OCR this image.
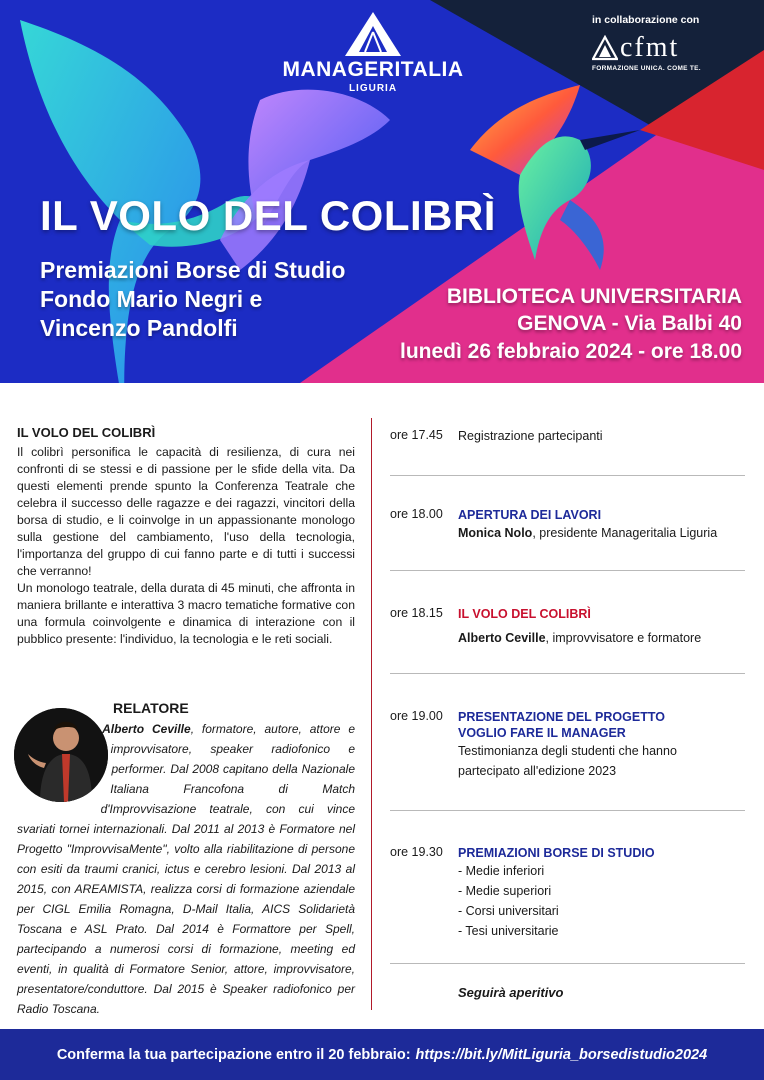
MANAGERITALIA
LIGURIA
in collaborazione con
cfmt
FORMAZIONE UNICA. COME TE.
IL VOLO DEL COLIBRÌ
Premiazioni Borse di Studio
Fondo Mario Negri e
Vincenzo Pandolfi
BIBLIOTECA UNIVERSITARIA
GENOVA - Via Balbi 40
lunedì 26 febbraio 2024 - ore 18.00
IL VOLO DEL COLIBRÌ

Il colibrì personifica le capacità di resilienza, di cura nei confronti di se stessi e di passione per le sfide della vita. Da questi elementi prende spunto la Conferenza Teatrale che celebra il successo delle ragazze e dei ragazzi, vincitori della borsa di studio, e li coinvolge in un appassionante monologo sulla gestione del cambiamento, l'uso della tecnologia, l'importanza del gruppo di cui fanno parte e di tutti i successi che verranno!

Un monologo teatrale, della durata di 45 minuti, che affronta in maniera brillante e interattiva 3 macro tematiche formative con una formula coinvolgente e dinamica di interazione con il pubblico presente: l'individuo, la tecnologia e le reti sociali.

RELATORE

Alberto Ceville, formatore, autore, attore e improvvisatore, speaker radiofonico e performer. Dal 2008 capitano della Nazionale Italiana Francofona di Match d'Improvvisazione teatrale, con cui vince svariati tornei internazionali. Dal 2011 al 2013 è Formatore nel Progetto "ImprovvisaMente", volto alla riabilitazione di persone con esiti da traumi cranici, ictus e cerebro lesioni. Dal 2013 al 2015, con AREAMISTA, realizza corsi di formazione aziendale per CIGL Emilia Romagna, D-Mail Italia, AICS Solidarietà Toscana e ASL Prato. Dal 2014 è Formattore per Spell, partecipando a numerosi corsi di formazione, meeting ed eventi, in qualità di Formatore Senior, attore, improvvisatore, presentatore/conduttore. Dal 2015 è Speaker radiofonico per Radio Toscana.

ore 17.45 Registrazione partecipanti
ore 18.00 APERTURA DEI LAVORI
Monica Nolo, presidente Manageritalia Liguria
ore 18.15 IL VOLO DEL COLIBRÌ
Alberto Ceville, improvvisatore e formatore
ore 19.00 PRESENTAZIONE DEL PROGETTO
VOGLIO FARE IL MANAGER
Testimonianza degli studenti che hanno
partecipato all'edizione 2023
ore 19.30 PREMIAZIONI BORSE DI STUDIO
- Medie inferiori
- Medie superiori
- Corsi universitari
- Tesi universitarie
Seguirà aperitivo
Conferma la tua partecipazione entro il 20 febbraio: https://bit.ly/MitLiguria_borsedistudio2024
